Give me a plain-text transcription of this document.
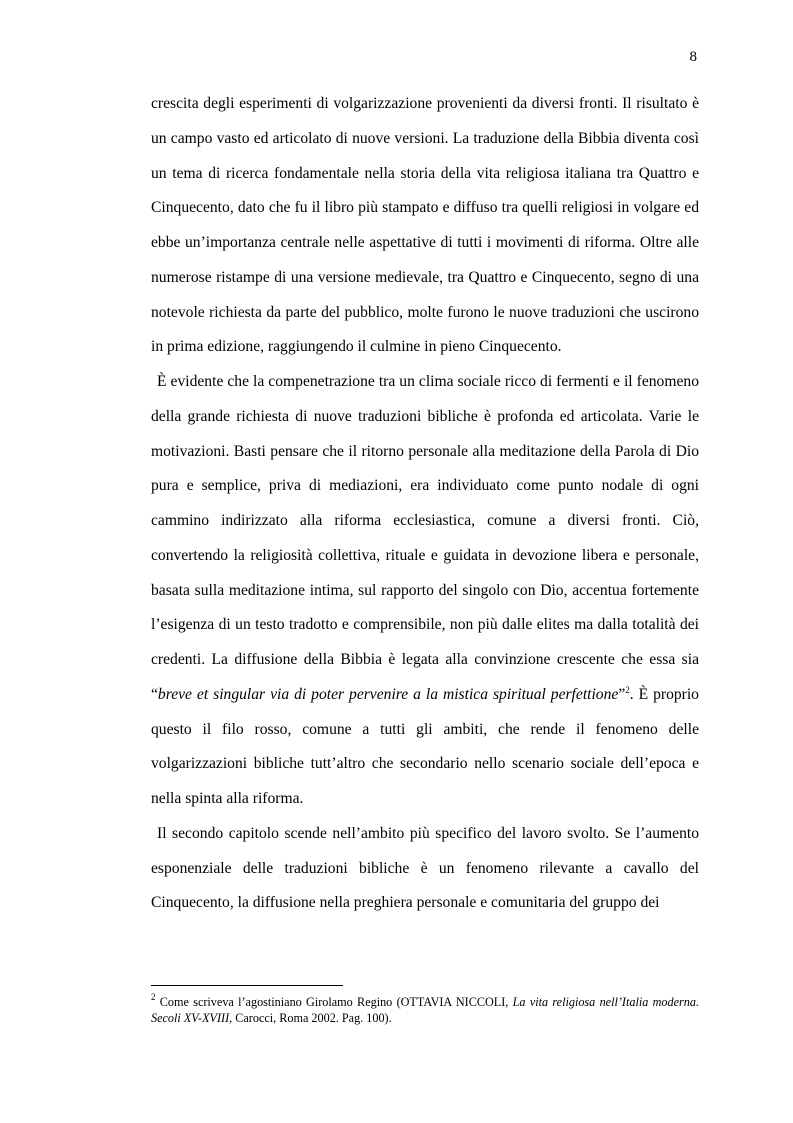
8

crescita degli esperimenti di volgarizzazione provenienti da diversi fronti. Il risultato è un campo vasto ed articolato di nuove versioni. La traduzione della Bibbia diventa così un tema di ricerca fondamentale nella storia della vita religiosa italiana tra Quattro e Cinquecento, dato che fu il libro più stampato e diffuso tra quelli religiosi in volgare ed ebbe un’importanza centrale nelle aspettative di tutti i movimenti di riforma. Oltre alle numerose ristampe di una versione medievale, tra Quattro e Cinquecento, segno di una notevole richiesta da parte del pubblico, molte furono le nuove traduzioni che uscirono in prima edizione, raggiungendo il culmine in pieno Cinquecento.

È evidente che la compenetrazione tra un clima sociale ricco di fermenti e il fenomeno della grande richiesta di nuove traduzioni bibliche è profonda ed articolata. Varie le motivazioni. Basti pensare che il ritorno personale alla meditazione della Parola di Dio pura e semplice, priva di mediazioni, era individuato come punto nodale di ogni cammino indirizzato alla riforma ecclesiastica, comune a diversi fronti. Ciò, convertendo la religiosità collettiva, rituale e guidata in devozione libera e personale, basata sulla meditazione intima, sul rapporto del singolo con Dio, accentua fortemente l’esigenza di un testo tradotto e comprensibile, non più dalle elites ma dalla totalità dei credenti. La diffusione della Bibbia è legata alla convinzione crescente che essa sia “breve et singular via di poter pervenire a la mistica spiritual perfettione”$^2$. È proprio questo il filo rosso, comune a tutti gli ambiti, che rende il fenomeno delle volgarizzazioni bibliche tutt’altro che secondario nello scenario sociale dell’epoca e nella spinta alla riforma.

Il secondo capitolo scende nell’ambito più specifico del lavoro svolto. Se l’aumento esponenziale delle traduzioni bibliche è un fenomeno rilevante a cavallo del Cinquecento, la diffusione nella preghiera personale e comunitaria del gruppo dei

$^2$ Come scriveva l’agostiniano Girolamo Regino (OTTAVIA NICCOLI, La vita religiosa nell’Italia moderna. Secoli XV-XVIII, Carocci, Roma 2002. Pag. 100).
